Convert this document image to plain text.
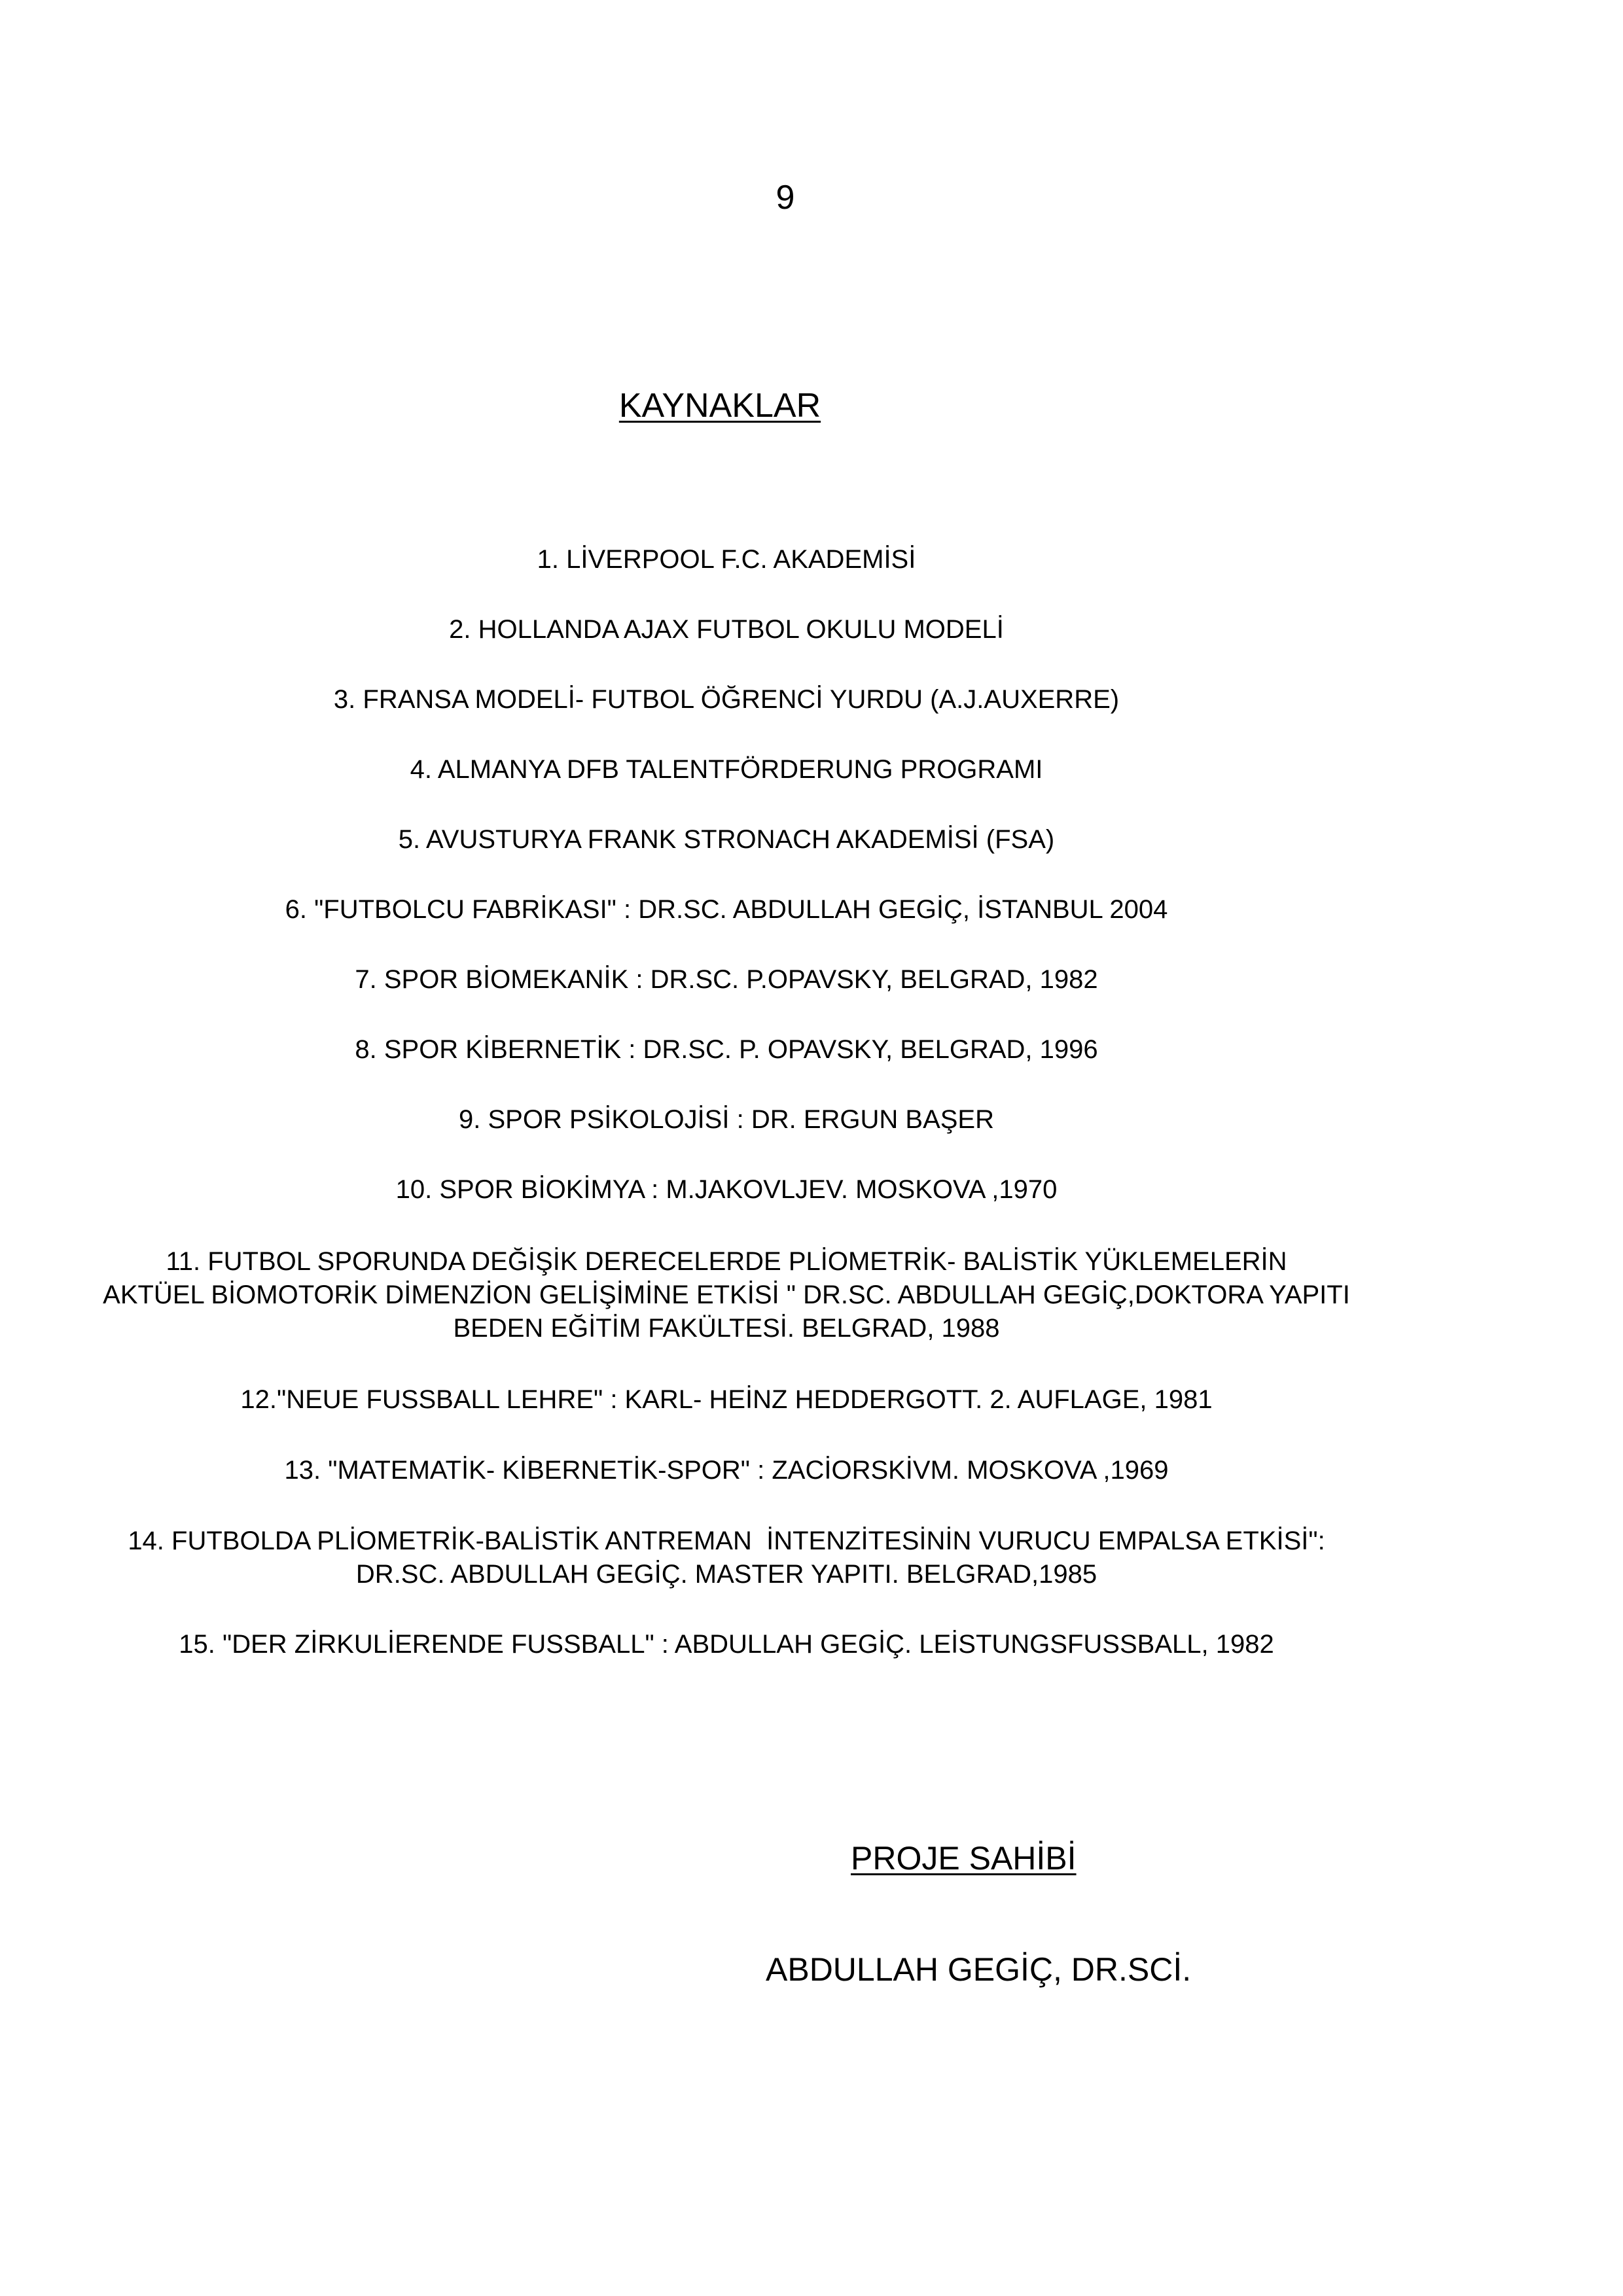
9
KAYNAKLAR
1. LİVERPOOL F.C. AKADEMİSİ
2. HOLLANDA AJAX FUTBOL OKULU MODELİ
3. FRANSA MODELİ- FUTBOL ÖĞRENCİ YURDU (A.J.AUXERRE)
4. ALMANYA DFB TALENTFÖRDERUNG PROGRAMI
5. AVUSTURYA FRANK STRONACH AKADEMİSİ (FSA)
6. "FUTBOLCU FABRİKASI" : DR.SC. ABDULLAH GEGİÇ, İSTANBUL 2004
7. SPOR BİOMEKANİK : DR.SC. P.OPAVSKY, BELGRAD, 1982
8. SPOR KİBERNETİK : DR.SC. P. OPAVSKY, BELGRAD, 1996
9. SPOR PSİKOLOJİSİ : DR. ERGUN BAŞER
10. SPOR BİOKİMYA : M.JAKOVLJEV. MOSKOVA ,1970
11. FUTBOL SPORUNDA DEĞİŞİK DERECELERDE PLİOMETRİK- BALİSTİK YÜKLEMELERİN
AKTÜEL BİOMOTORİK DİMENZİON GELİŞİMİNE ETKİSİ " DR.SC. ABDULLAH GEGİÇ,DOKTORA YAPITI
BEDEN EĞİTİM FAKÜLTESİ. BELGRAD, 1988
12."NEUE FUSSBALL LEHRE" : KARL- HEİNZ HEDDERGOTT. 2. AUFLAGE, 1981
13. "MATEMATİK- KİBERNETİK-SPOR" : ZACİORSKİVM. MOSKOVA ,1969
14. FUTBOLDA PLİOMETRİK-BALİSTİK ANTREMAN  İNTENZİTESİNİN VURUCU EMPALSA ETKİSİ":
DR.SC. ABDULLAH GEGİÇ. MASTER YAPITI. BELGRAD,1985
15. "DER ZİRKULİERENDE FUSSBALL" : ABDULLAH GEGİÇ. LEİSTUNGSFUSSBALL, 1982
PROJE SAHİBİ
ABDULLAH GEGİÇ, DR.SCİ.
